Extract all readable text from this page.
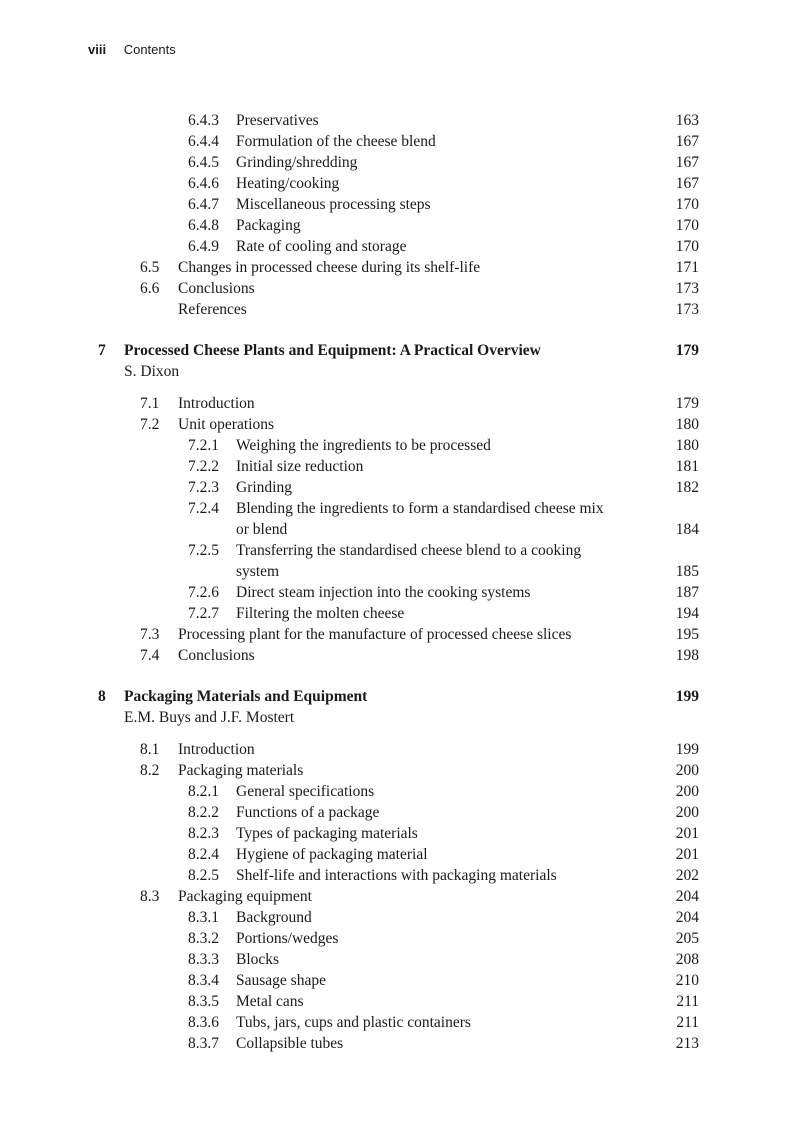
viii Contents
6.4.3 Preservatives	163
6.4.4 Formulation of the cheese blend	167
6.4.5 Grinding/shredding	167
6.4.6 Heating/cooking	167
6.4.7 Miscellaneous processing steps	170
6.4.8 Packaging	170
6.4.9 Rate of cooling and storage	170
6.5 Changes in processed cheese during its shelf-life	171
6.6 Conclusions	173
References	173
7 Processed Cheese Plants and Equipment: A Practical Overview	179
S. Dixon
7.1 Introduction	179
7.2 Unit operations	180
7.2.1 Weighing the ingredients to be processed	180
7.2.2 Initial size reduction	181
7.2.3 Grinding	182
7.2.4 Blending the ingredients to form a standardised cheese mix
or blend	184
7.2.5 Transferring the standardised cheese blend to a cooking
system	185
7.2.6 Direct steam injection into the cooking systems	187
7.2.7 Filtering the molten cheese	194
7.3 Processing plant for the manufacture of processed cheese slices	195
7.4 Conclusions	198
8 Packaging Materials and Equipment	199
E.M. Buys and J.F. Mostert
8.1 Introduction	199
8.2 Packaging materials	200
8.2.1 General specifications	200
8.2.2 Functions of a package	200
8.2.3 Types of packaging materials	201
8.2.4 Hygiene of packaging material	201
8.2.5 Shelf-life and interactions with packaging materials	202
8.3 Packaging equipment	204
8.3.1 Background	204
8.3.2 Portions/wedges	205
8.3.3 Blocks	208
8.3.4 Sausage shape	210
8.3.5 Metal cans	211
8.3.6 Tubs, jars, cups and plastic containers	211
8.3.7 Collapsible tubes	213
